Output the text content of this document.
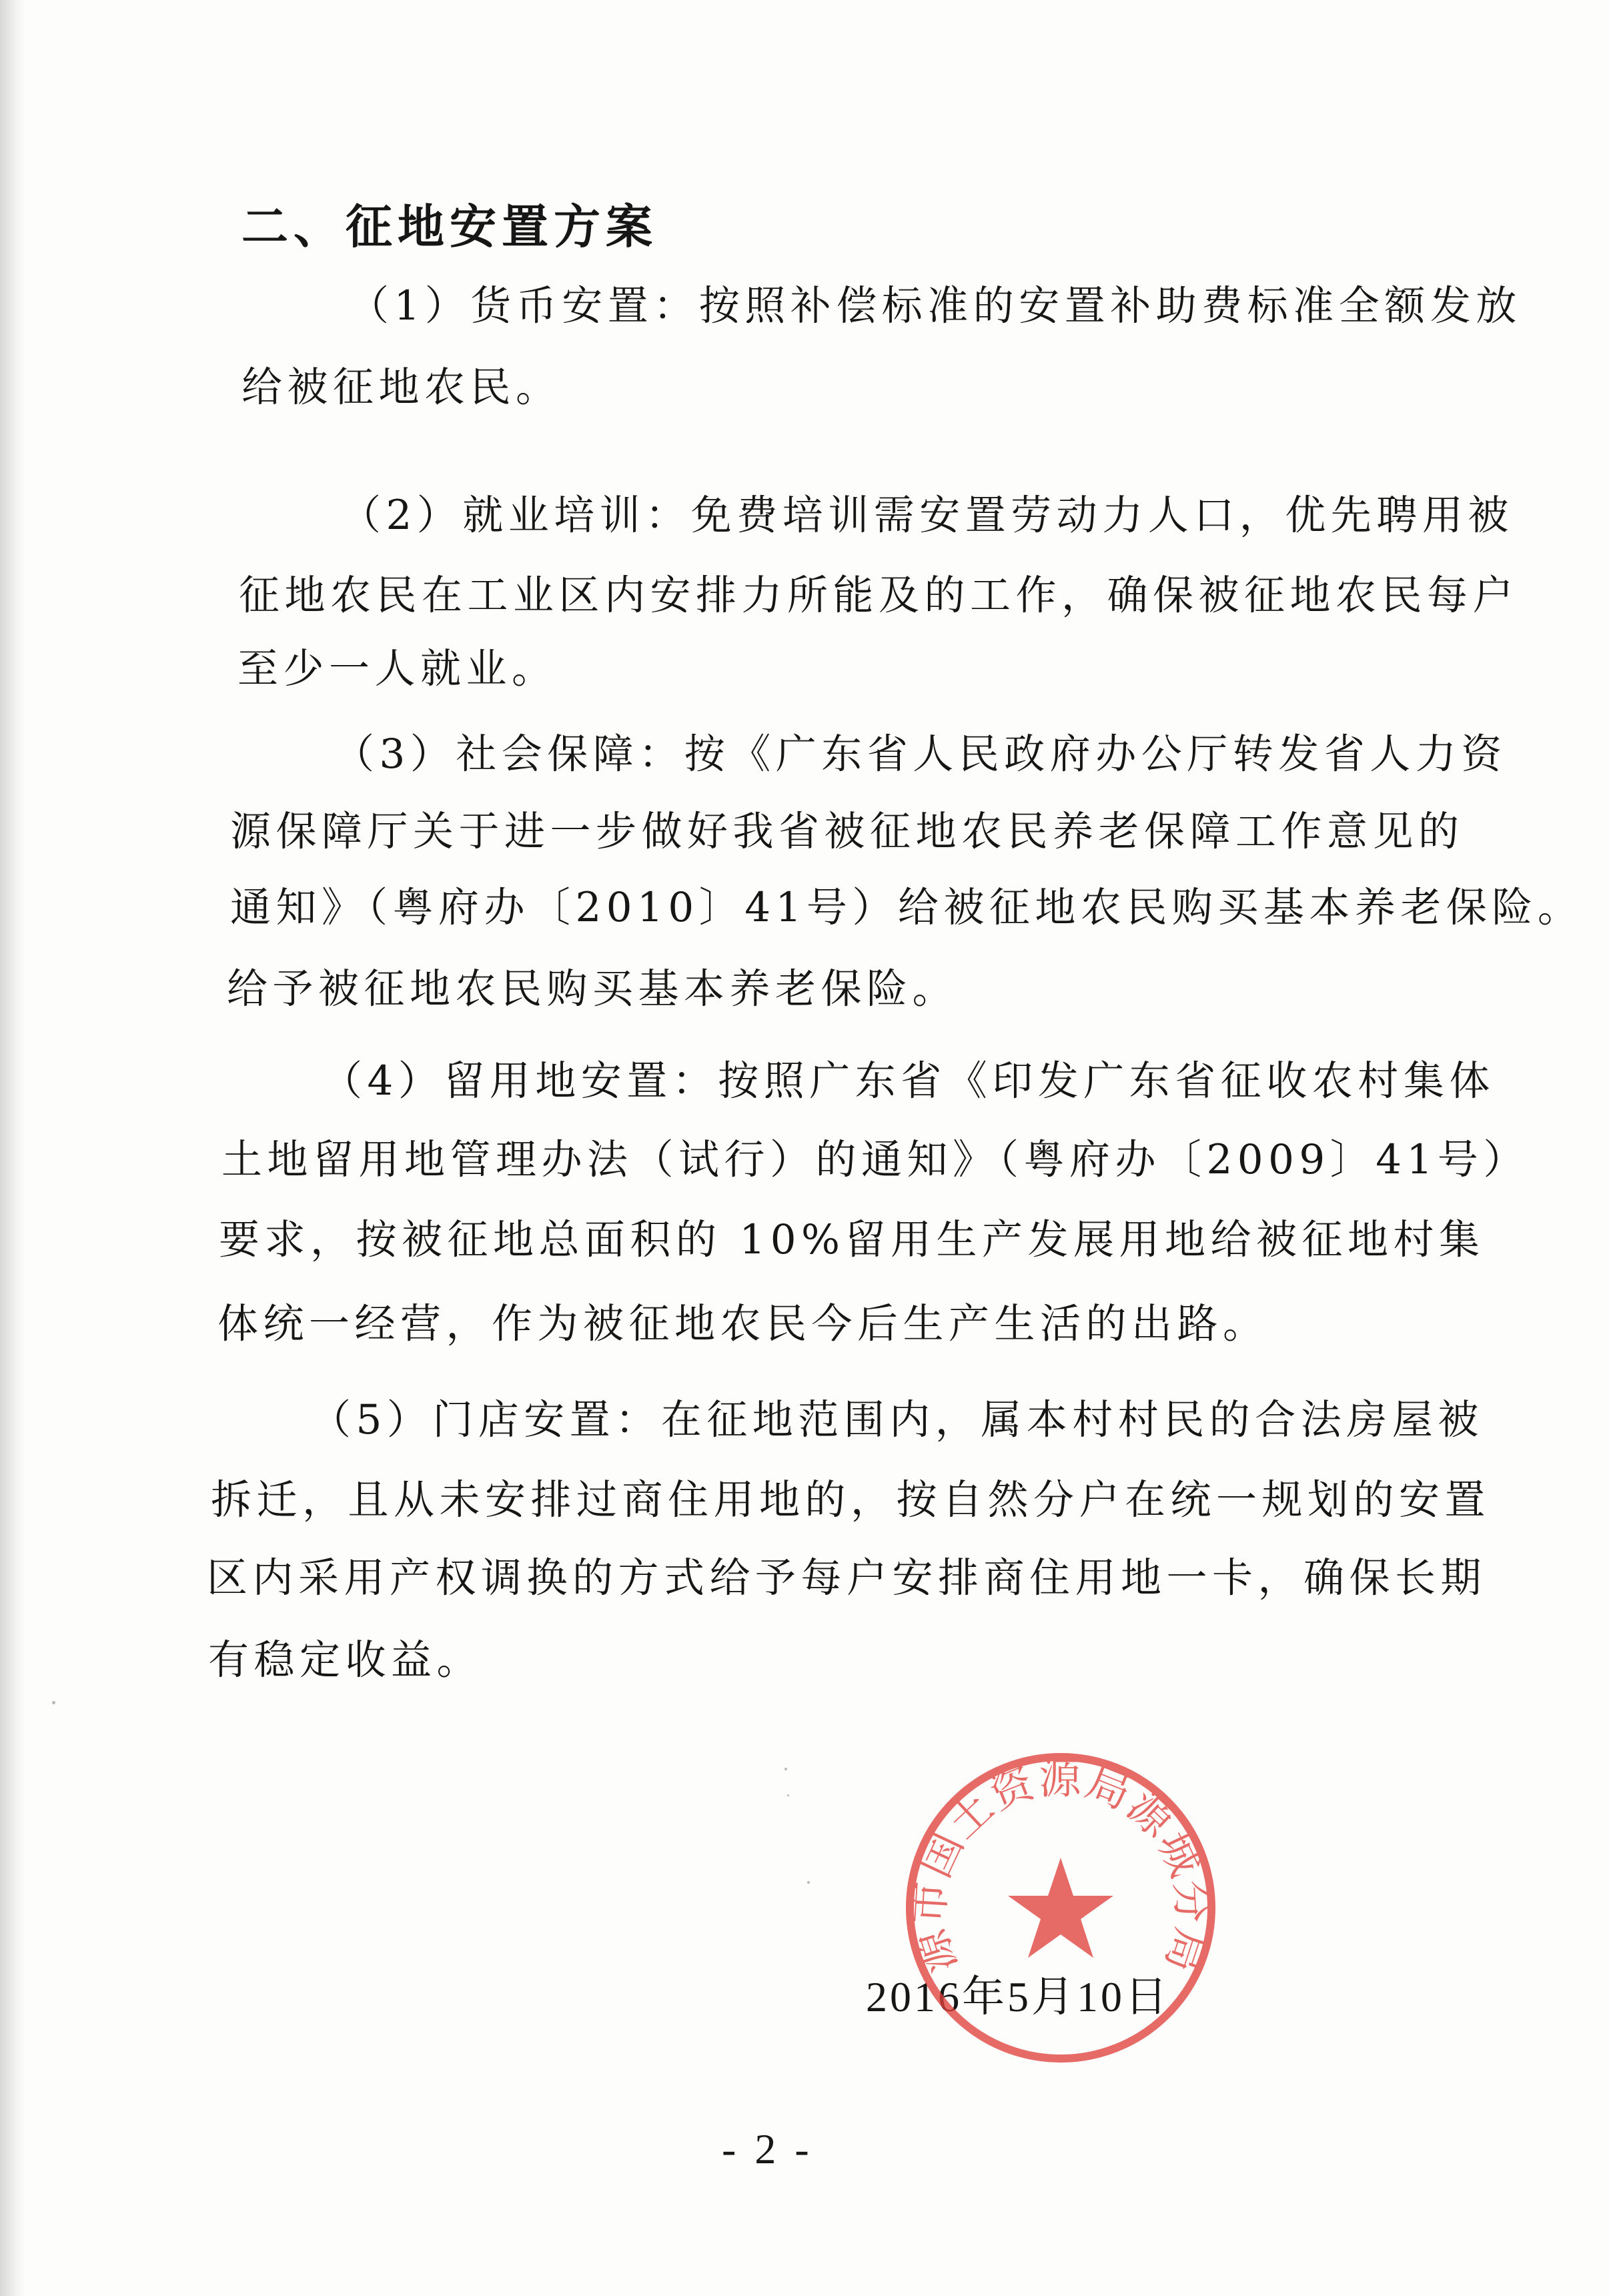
二、征地安置方案
（1）货币安置：按照补偿标准的安置补助费标准全额发放
给被征地农民。
（2）就业培训：免费培训需安置劳动力人口，优先聘用被
征地农民在工业区内安排力所能及的工作，确保被征地农民每户
至少一人就业。
（3）社会保障：按《广东省人民政府办公厅转发省人力资
源保障厅关于进一步做好我省被征地农民养老保障工作意见的
通知》（粤府办〔2010〕41号）给被征地农民购买基本养老保险。
给予被征地农民购买基本养老保险。
（4）留用地安置：按照广东省《印发广东省征收农村集体
土地留用地管理办法（试行）的通知》（粤府办〔2009〕41号）
要求，按被征地总面积的 10%留用生产发展用地给被征地村集
体统一经营，作为被征地农民今后生产生活的出路。
（5）门店安置：在征地范围内，属本村村民的合法房屋被
拆迁，且从未安排过商住用地的，按自然分户在统一规划的安置
区内采用产权调换的方式给予每户安排商住用地一卡，确保长期
有稳定收益。
2016年5月10日
源市国土资源局源城分局
- 2 -
